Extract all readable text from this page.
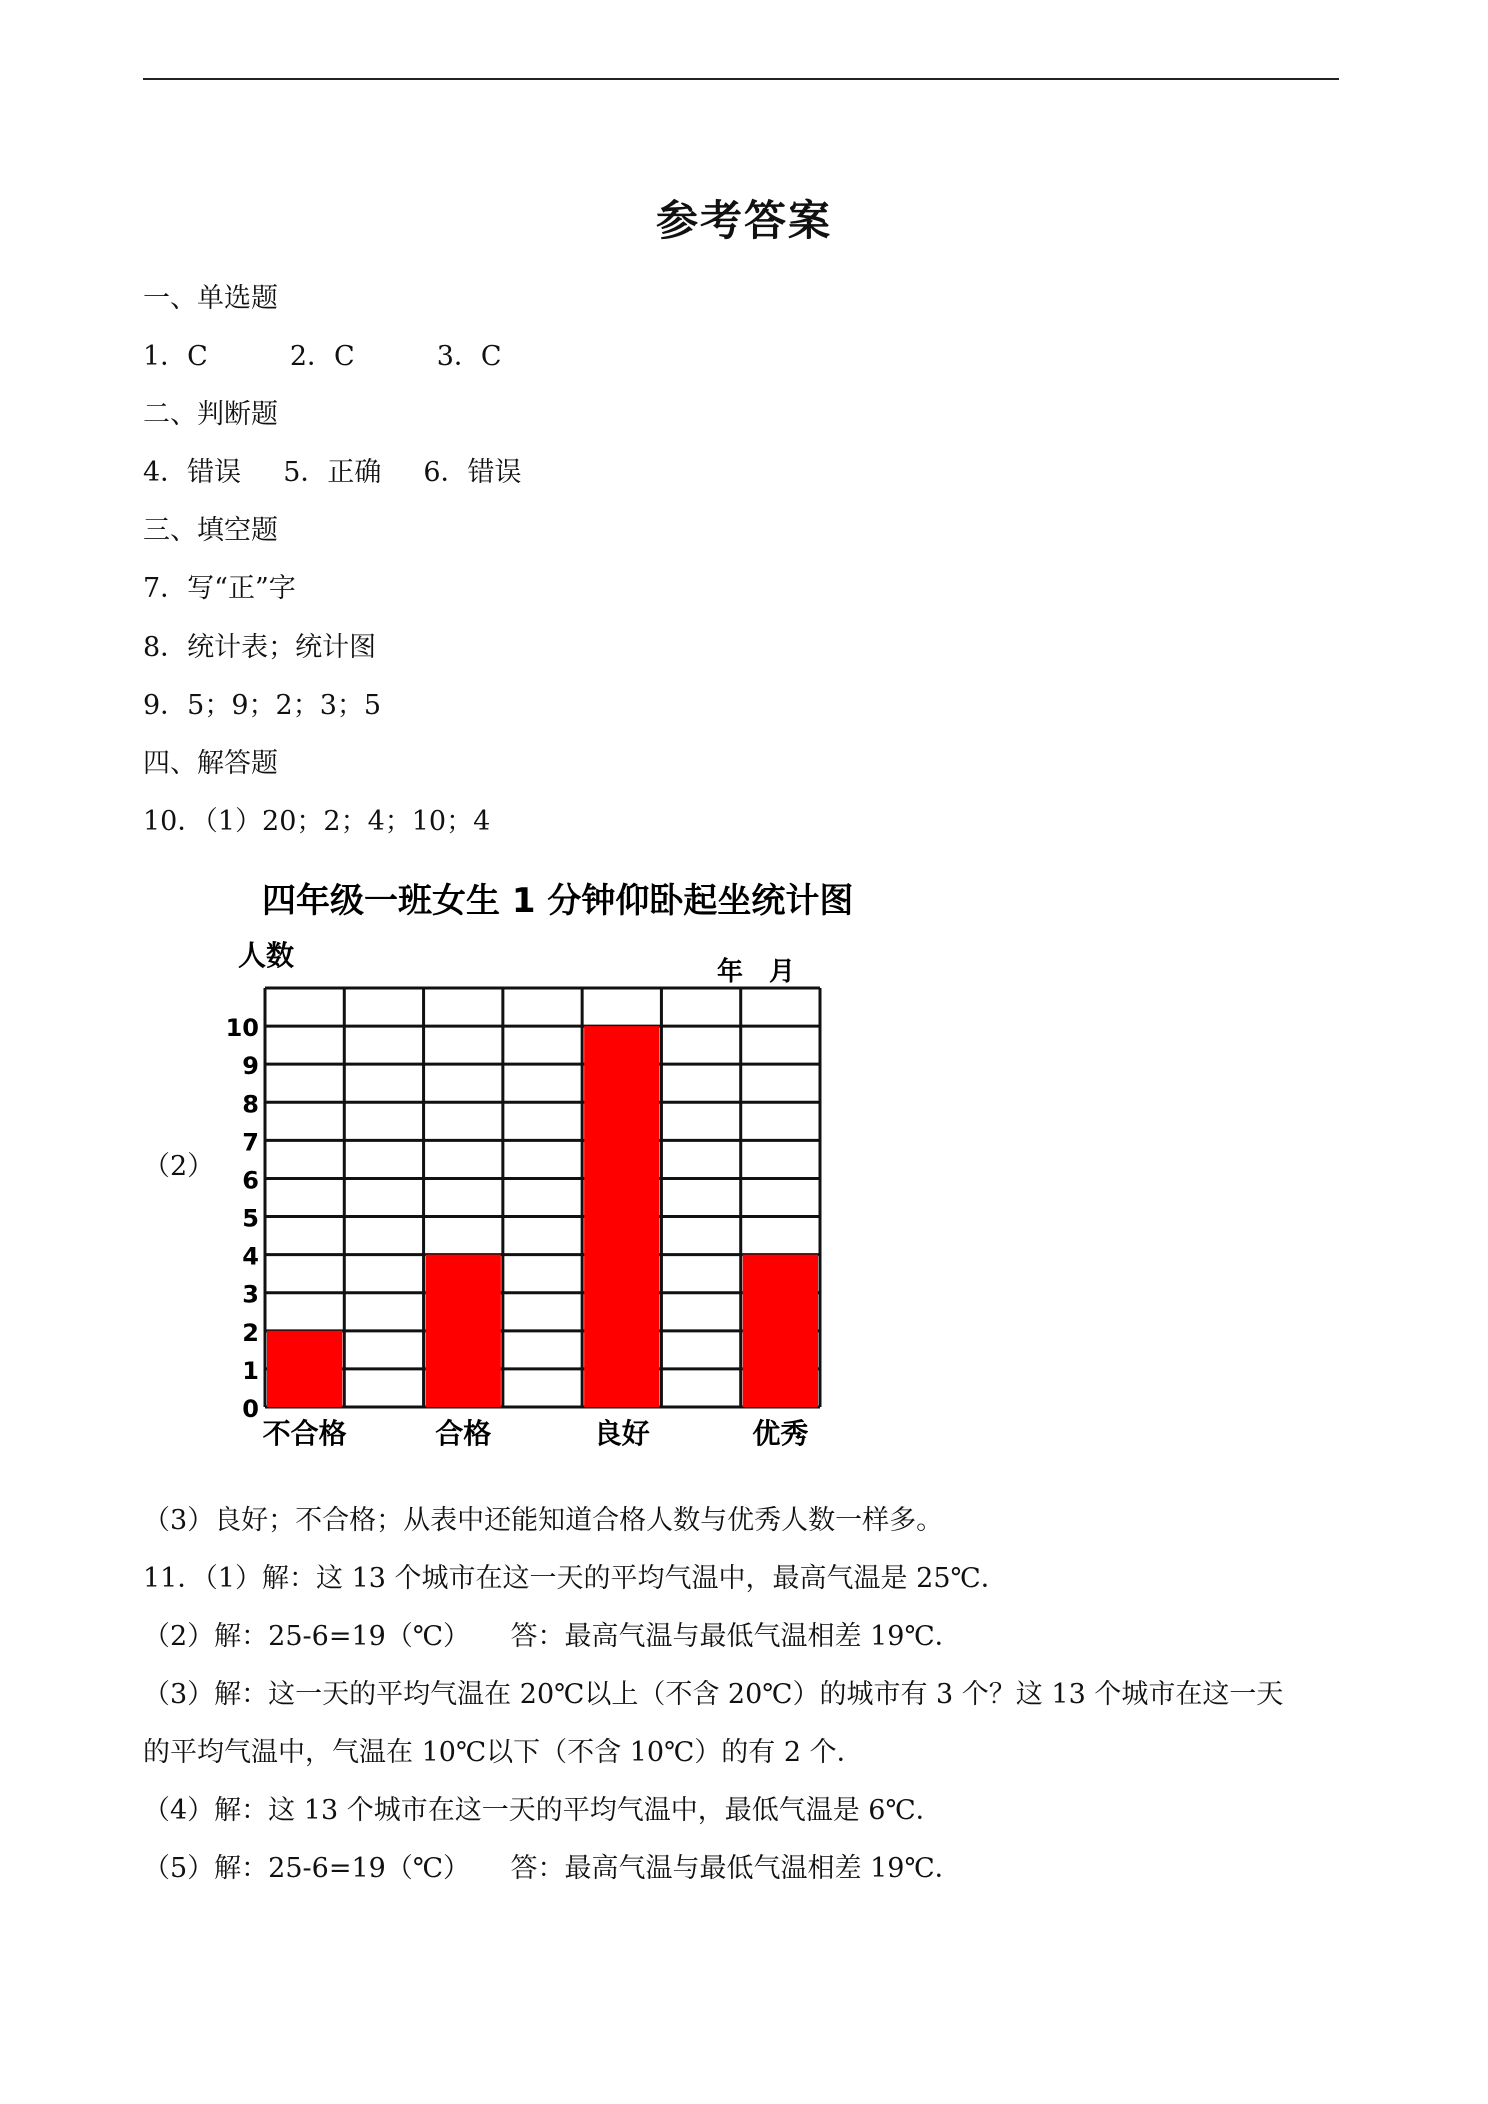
参考答案
一、单选题
1．C	2．C	3．C
二、判断题
4．错误 5．正确 6．错误
三、填空题
7．写“正”字
8．统计表；统计图
9．5；9；2；3；5
四、解答题
10．（1）20；2；4；10；4
（2）
四年级一班女生 1 分钟仰卧起坐统计图
人数	年　月
0
1
2
3
4
5
6
7
8
9
10
不合格	合格	良好	优秀
（3）良好；不合格；从表中还能知道合格人数与优秀人数一样多。
11．（1）解：这 13 个城市在这一天的平均气温中，最高气温是 25℃．
（2）解：25-6=19（℃）　　答：最高气温与最低气温相差 19℃．
（3）解：这一天的平均气温在 20℃以上（不含 20℃）的城市有 3 个？这 13 个城市在这一天
的平均气温中，气温在 10℃以下（不含 10℃）的有 2 个．
（4）解：这 13 个城市在这一天的平均气温中，最低气温是 6℃．
（5）解：25-6=19（℃）　　答：最高气温与最低气温相差 19℃．
